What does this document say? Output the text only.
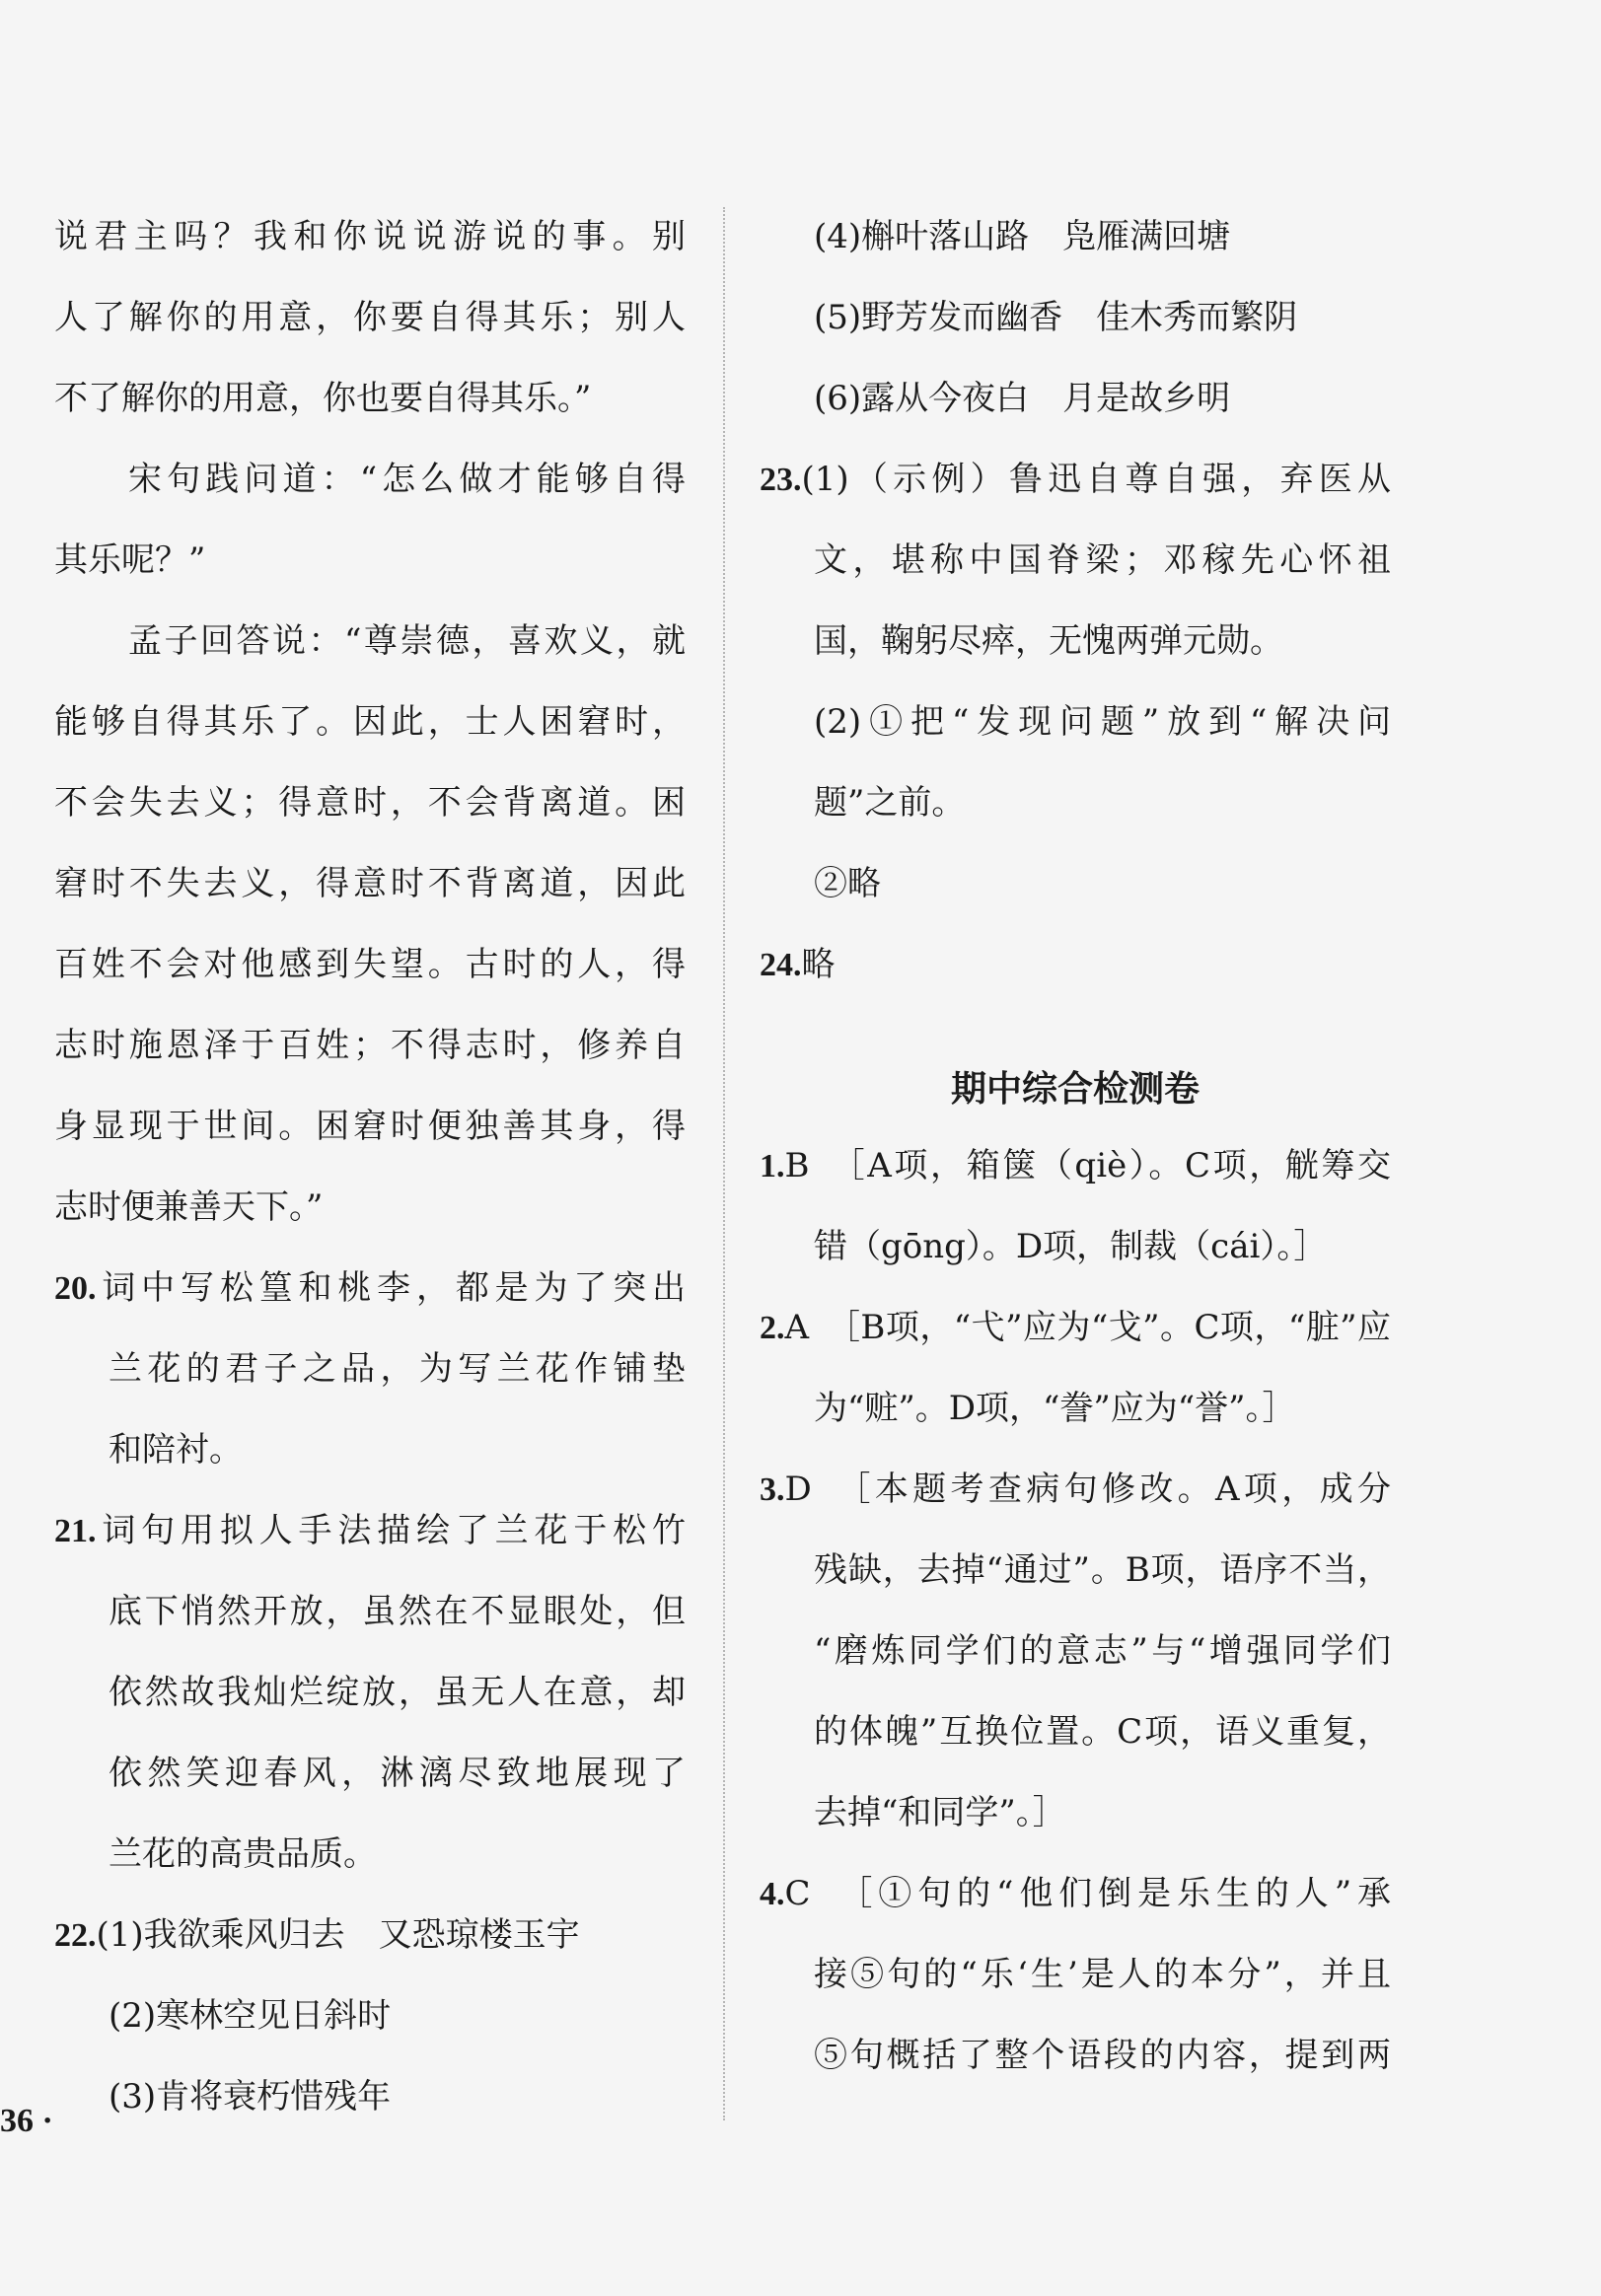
说君主吗？我和你说说游说的事。别
人了解你的用意，你要自得其乐；别人
不了解你的用意，你也要自得其乐。”
宋句践问道：“怎么做才能够自得
其乐呢？”
孟子回答说：“尊崇德，喜欢义，就
能够自得其乐了。因此，士人困窘时，
不会失去义；得意时，不会背离道。困
窘时不失去义，得意时不背离道，因此
百姓不会对他感到失望。古时的人，得
志时施恩泽于百姓；不得志时，修养自
身显现于世间。困窘时便独善其身，得
志时便兼善天下。”
20.词中写松篁和桃李，都是为了突出
兰花的君子之品，为写兰花作铺垫
和陪衬。
21.词句用拟人手法描绘了兰花于松竹
底下悄然开放，虽然在不显眼处，但
依然故我灿烂绽放，虽无人在意，却
依然笑迎春风，淋漓尽致地展现了
兰花的高贵品质。
22.(1)我欲乘风归去　又恐琼楼玉宇
(2)寒林空见日斜时
(3)肯将衰朽惜残年
(4)槲叶落山路　凫雁满回塘
(5)野芳发而幽香　佳木秀而繁阴
(6)露从今夜白　月是故乡明
23.(1)（示例）鲁迅自尊自强，弃医从
文，堪称中国脊梁；邓稼先心怀祖
国，鞠躬尽瘁，无愧两弹元勋。
(2)①把“发现问题”放到“解决问
题”之前。
②略
24.略
期中综合检测卷
1.B　［A项，箱箧（qiè）。C项，觥筹交
错（gōng）。D项，制裁（cái）。］
2.A　［B项，“弋”应为“戈”。C项，“脏”应
为“赃”。D项，“誊”应为“誉”。］
3.D　［本题考查病句修改。A项，成分
残缺，去掉“通过”。B项，语序不当，
“磨炼同学们的意志”与“增强同学们
的体魄”互换位置。C项，语义重复，
去掉“和同学”。］
4.C　［①句的“他们倒是乐生的人”承
接⑤句的“乐‘生’是人的本分”，并且
⑤句概括了整个语段的内容，提到两
36 ·
